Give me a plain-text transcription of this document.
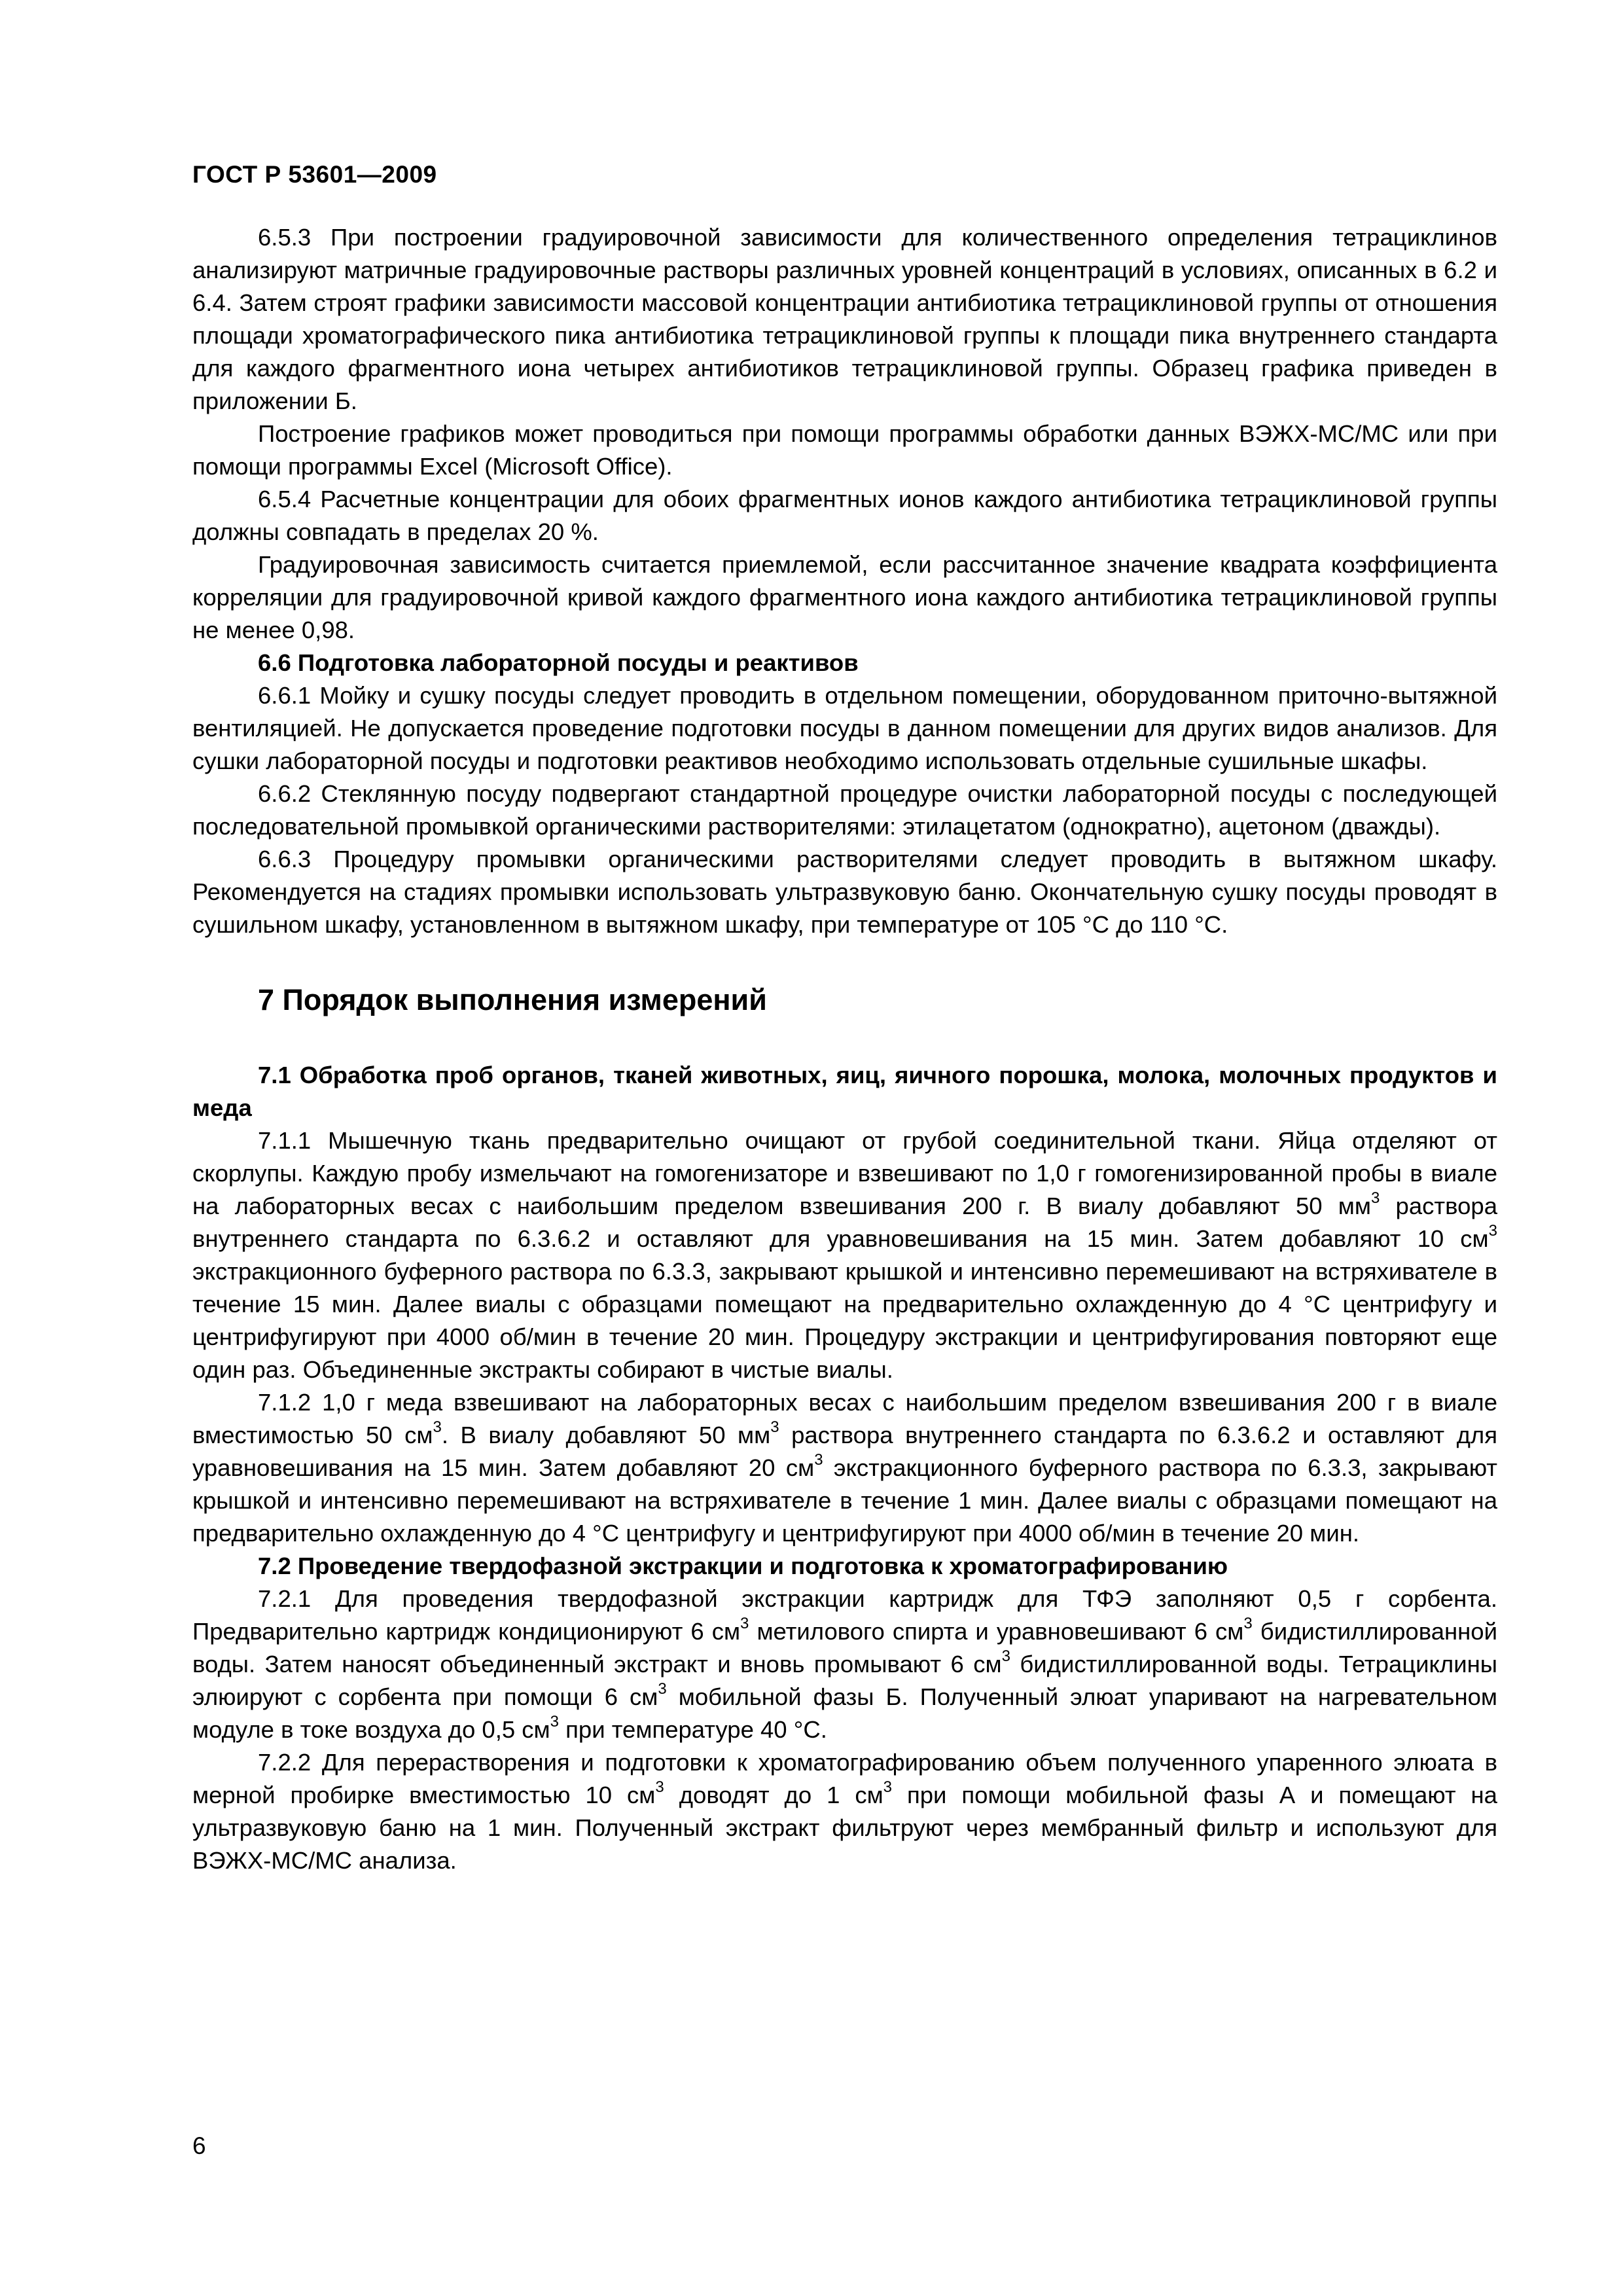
ГОСТ Р 53601—2009

6.5.3 При построении градуировочной зависимости для количественного определения тетрациклинов анализируют матричные градуировочные растворы различных уровней концентраций в условиях, описанных в 6.2 и 6.4. Затем строят графики зависимости массовой концентрации антибиотика тетрациклиновой группы от отношения площади хроматографического пика антибиотика тетрациклиновой группы к площади пика внутреннего стандарта для каждого фрагментного иона четырех антибиотиков тетрациклиновой группы. Образец графика приведен в приложении Б.

Построение графиков может проводиться при помощи программы обработки данных ВЭЖХ-МС/МС или при помощи программы Excel (Microsoft Office).

6.5.4 Расчетные концентрации для обоих фрагментных ионов каждого антибиотика тетрациклиновой группы должны совпадать в пределах 20 %.

Градуировочная зависимость считается приемлемой, если рассчитанное значение квадрата коэффициента корреляции для градуировочной кривой каждого фрагментного иона каждого антибиотика тетрациклиновой группы не менее 0,98.

6.6 Подготовка лабораторной посуды и реактивов

6.6.1 Мойку и сушку посуды следует проводить в отдельном помещении, оборудованном приточно-вытяжной вентиляцией. Не допускается проведение подготовки посуды в данном помещении для других видов анализов. Для сушки лабораторной посуды и подготовки реактивов необходимо использовать отдельные сушильные шкафы.

6.6.2 Стеклянную посуду подвергают стандартной процедуре очистки лабораторной посуды с последующей последовательной промывкой органическими растворителями: этилацетатом (однократно), ацетоном (дважды).

6.6.3 Процедуру промывки органическими растворителями следует проводить в вытяжном шкафу. Рекомендуется на стадиях промывки использовать ультразвуковую баню. Окончательную сушку посуды проводят в сушильном шкафу, установленном в вытяжном шкафу, при температуре от 105 °С до 110 °С.

7 Порядок выполнения измерений

7.1 Обработка проб органов, тканей животных, яиц, яичного порошка, молока, молочных продуктов и меда

7.1.1 Мышечную ткань предварительно очищают от грубой соединительной ткани. Яйца отделяют от скорлупы. Каждую пробу измельчают на гомогенизаторе и взвешивают по 1,0 г гомогенизированной пробы в виале на лабораторных весах с наибольшим пределом взвешивания 200 г. В виалу добавляют 50 $мм^3$ раствора внутреннего стандарта по 6.3.6.2 и оставляют для уравновешивания на 15 мин. Затем добавляют 10 $см^3$ экстракционного буферного раствора по 6.3.3, закрывают крышкой и интенсивно перемешивают на встряхивателе в течение 15 мин. Далее виалы с образцами помещают на предварительно охлажденную до 4 °С центрифугу и центрифугируют при 4000 об/мин в течение 20 мин. Процедуру экстракции и центрифугирования повторяют еще один раз. Объединенные экстракты собирают в чистые виалы.

7.1.2 1,0 г меда взвешивают на лабораторных весах с наибольшим пределом взвешивания 200 г в виале вместимостью 50 $см^3$. В виалу добавляют 50 $мм^3$ раствора внутреннего стандарта по 6.3.6.2 и оставляют для уравновешивания на 15 мин. Затем добавляют 20 $см^3$ экстракционного буферного раствора по 6.3.3, закрывают крышкой и интенсивно перемешивают на встряхивателе в течение 1 мин. Далее виалы с образцами помещают на предварительно охлажденную до 4 °С центрифугу и центрифугируют при 4000 об/мин в течение 20 мин.

7.2 Проведение твердофазной экстракции и подготовка к хроматографированию

7.2.1 Для проведения твердофазной экстракции картридж для ТФЭ заполняют 0,5 г сорбента. Предварительно картридж кондиционируют 6 $см^3$ метилового спирта и уравновешивают 6 $см^3$ бидистиллированной воды. Затем наносят объединенный экстракт и вновь промывают 6 $см^3$ бидистиллированной воды. Тетрациклины элюируют с сорбента при помощи 6 $см^3$ мобильной фазы Б. Полученный элюат упаривают на нагревательном модуле в токе воздуха до 0,5 $см^3$ при температуре 40 °С.

7.2.2 Для перерастворения и подготовки к хроматографированию объем полученного упаренного элюата в мерной пробирке вместимостью 10 $см^3$ доводят до 1 $см^3$ при помощи мобильной фазы А и помещают на ультразвуковую баню на 1 мин. Полученный экстракт фильтруют через мембранный фильтр и используют для ВЭЖХ-МС/МС анализа.

6
